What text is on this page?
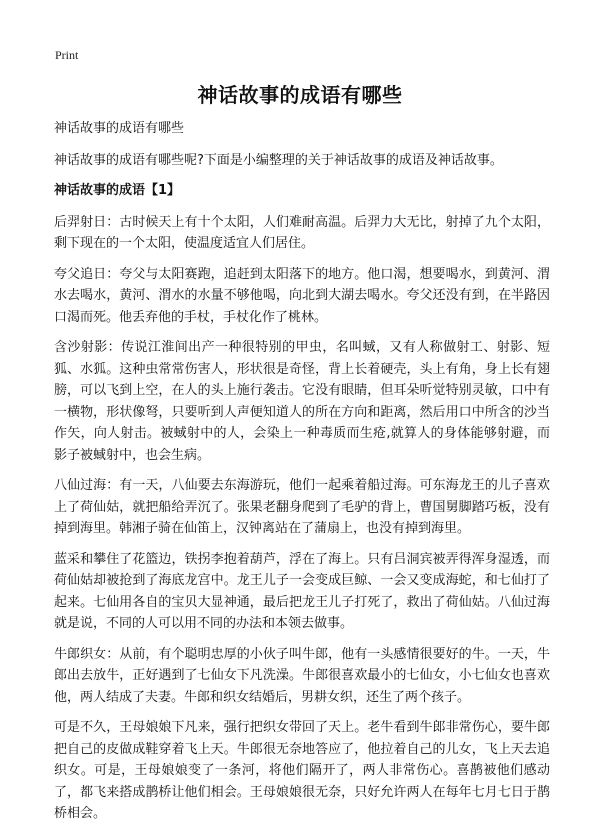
Print
神话故事的成语有哪些

神话故事的成语有哪些

神话故事的成语有哪些呢?下面是小编整理的关于神话故事的成语及神话故事。

神话故事的成语【1】

后羿射日：古时候天上有十个太阳，人们难耐高温。后羿力大无比，射掉了九个太阳，剩下现在的一个太阳，使温度适宜人们居住。

夸父追日：夸父与太阳赛跑，追赶到太阳落下的地方。他口渴，想要喝水，到黄河、渭水去喝水，黄河、渭水的水量不够他喝，向北到大湖去喝水。夸父还没有到，在半路因口渴而死。他丢弃他的手杖，手杖化作了桃林。

含沙射影：传说江淮间出产一种很特别的甲虫，名叫蜮，又有人称做射工、射影、短狐、水狐。这种虫常常伤害人，形状很是奇怪，背上长着硬壳，头上有角，身上长有翅膀，可以飞到上空，在人的头上施行袭击。它没有眼睛，但耳朵听觉特别灵敏，口中有一横物，形状像弩，只要听到人声便知道人的所在方向和距离，然后用口中所含的沙当作矢，向人射击。被蜮射中的人，会染上一种毒质而生疮,就算人的身体能够射避，而影子被蜮射中，也会生病。

八仙过海：有一天，八仙要去东海游玩，他们一起乘着船过海。可东海龙王的儿子喜欢上了荷仙姑，就把船给弄沉了。张果老翻身爬到了毛驴的背上，曹国舅脚踏巧板，没有掉到海里。韩湘子骑在仙笛上，汉钟离站在了蒲扇上，也没有掉到海里。

蓝采和攀住了花篮边，铁拐李抱着葫芦，浮在了海上。只有吕洞宾被弄得浑身湿透，而荷仙姑却被抢到了海底龙宫中。龙王儿子一会变成巨鲸、一会又变成海蛇，和七仙打了起来。七仙用各自的宝贝大显神通，最后把龙王儿子打死了，救出了荷仙姑。八仙过海就是说，不同的人可以用不同的办法和本领去做事。

牛郎织女：从前，有个聪明忠厚的小伙子叫牛郎，他有一头感情很要好的牛。一天，牛郎出去放牛，正好遇到了七仙女下凡洗澡。牛郎很喜欢最小的七仙女，小七仙女也喜欢他，两人结成了夫妻。牛郎和织女结婚后，男耕女织，还生了两个孩子。

可是不久，王母娘娘下凡来，强行把织女带回了天上。老牛看到牛郎非常伤心，要牛郎把自己的皮做成鞋穿着飞上天。牛郎很无奈地答应了，他拉着自己的儿女，飞上天去追织女。可是，王母娘娘变了一条河，将他们隔开了，两人非常伤心。喜鹊被他们感动了，都飞来搭成鹊桥让他们相会。王母娘娘很无奈，只好允许两人在每年七月七日于鹊桥相会。
